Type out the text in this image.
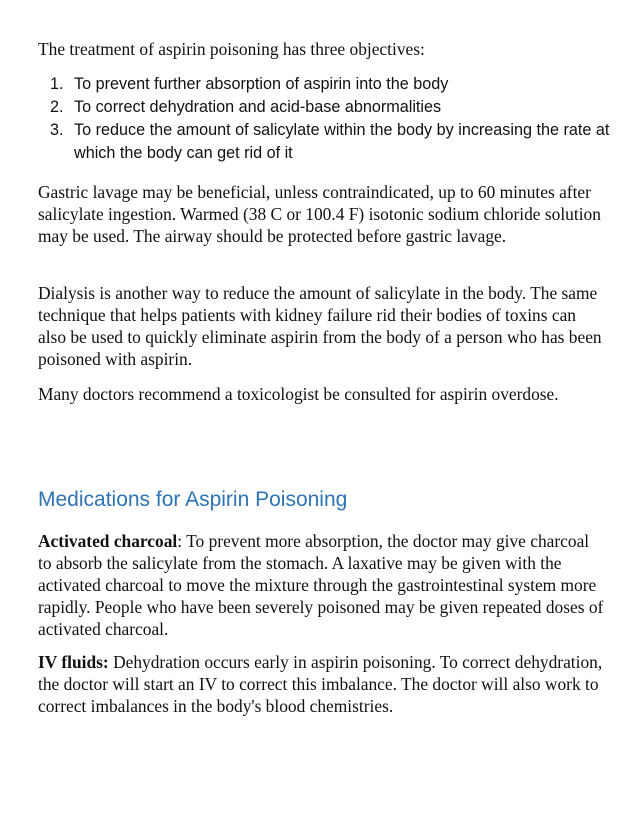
The treatment of aspirin poisoning has three objectives:
1. To prevent further absorption of aspirin into the body
2. To correct dehydration and acid-base abnormalities
3. To reduce the amount of salicylate within the body by increasing the rate at which the body can get rid of it

Gastric lavage may be beneficial, unless contraindicated, up to 60 minutes after salicylate ingestion. Warmed (38 C or 100.4 F) isotonic sodium chloride solution may be used. The airway should be protected before gastric lavage.

Dialysis is another way to reduce the amount of salicylate in the body. The same technique that helps patients with kidney failure rid their bodies of toxins can also be used to quickly eliminate aspirin from the body of a person who has been poisoned with aspirin.

Many doctors recommend a toxicologist be consulted for aspirin overdose.

Medications for Aspirin Poisoning

Activated charcoal: To prevent more absorption, the doctor may give charcoal to absorb the salicylate from the stomach. A laxative may be given with the activated charcoal to move the mixture through the gastrointestinal system more rapidly. People who have been severely poisoned may be given repeated doses of activated charcoal.

IV fluids: Dehydration occurs early in aspirin poisoning. To correct dehydration, the doctor will start an IV to correct this imbalance. The doctor will also work to correct imbalances in the body's blood chemistries.
